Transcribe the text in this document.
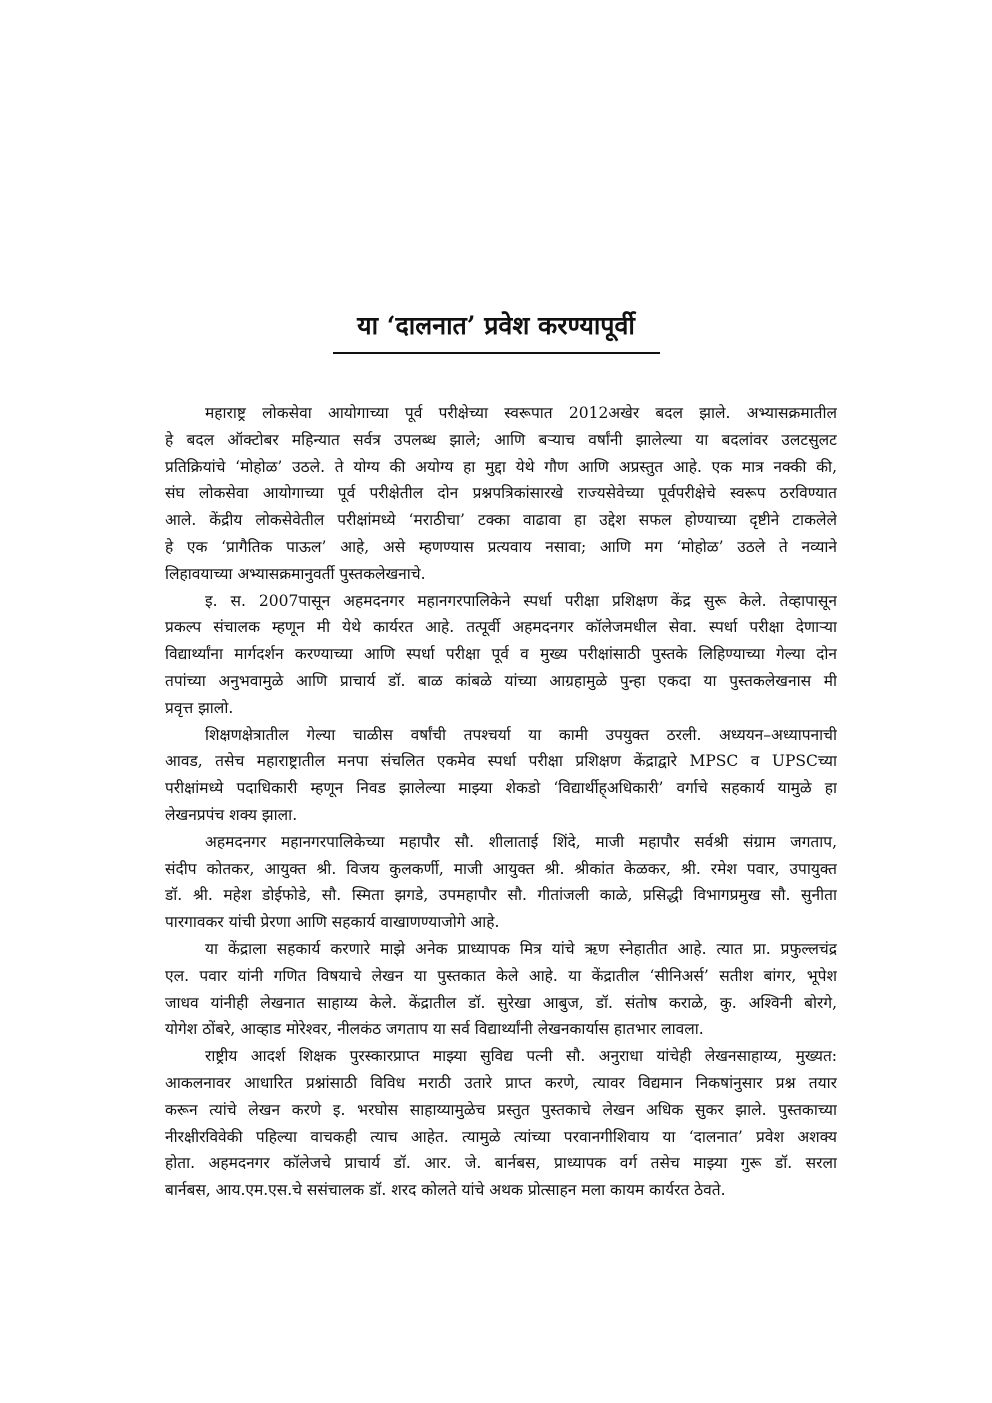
या ‘दालनात’ प्रवेश करण्यापूर्वी
महाराष्ट्र लोकसेवा आयोगाच्या पूर्व परीक्षेच्या स्वरूपात 2012अखेर बदल झाले. अभ्यासक्रमातील
हे बदल ऑक्टोबर महिन्यात सर्वत्र उपलब्ध झाले; आणि बऱ्याच वर्षांनी झालेल्या या बदलांवर उलटसुलट
प्रतिक्रियांचे ‘मोहोळ’ उठले. ते योग्य की अयोग्य हा मुद्दा येथे गौण आणि अप्रस्तुत आहे. एक मात्र नक्की की,
संघ लोकसेवा आयोगाच्या पूर्व परीक्षेतील दोन प्रश्नपत्रिकांसारखे राज्यसेवेच्या पूर्वपरीक्षेचे स्वरूप ठरविण्यात
आले. केंद्रीय लोकसेवेतील परीक्षांमध्ये ‘मराठीचा’ टक्का वाढावा हा उद्देश सफल होण्याच्या दृष्टीने टाकलेले
हे एक ‘प्रागैतिक पाऊल’ आहे, असे म्हणण्यास प्रत्यवाय नसावा; आणि मग ‘मोहोळ’ उठले ते नव्याने
लिहावयाच्या अभ्यासक्रमानुवर्ती पुस्तकलेखनाचे.
इ. स. 2007पासून अहमदनगर महानगरपालिकेने स्पर्धा परीक्षा प्रशिक्षण केंद्र सुरू केले. तेव्हापासून
प्रकल्प संचालक म्हणून मी येथे कार्यरत आहे. तत्पूर्वी अहमदनगर कॉलेजमधील सेवा. स्पर्धा परीक्षा देणाऱ्या
विद्यार्थ्यांना मार्गदर्शन करण्याच्या आणि स्पर्धा परीक्षा पूर्व व मुख्य परीक्षांसाठी पुस्तके लिहिण्याच्या गेल्या दोन
तपांच्या अनुभवामुळे आणि प्राचार्य डॉ. बाळ कांबळे यांच्या आग्रहामुळे पुन्हा एकदा या पुस्तकलेखनास मी
प्रवृत्त झालो.
शिक्षणक्षेत्रातील गेल्या चाळीस वर्षांची तपश्चर्या या कामी उपयुक्त ठरली. अध्ययन–अध्यापनाची
आवड, तसेच महाराष्ट्रातील मनपा संचलित एकमेव स्पर्धा परीक्षा प्रशिक्षण केंद्राद्वारे MPSC व UPSCच्या
परीक्षांमध्ये पदाधिकारी म्हणून निवड झालेल्या माझ्या शेकडो ‘विद्यार्थीह्अधिकारी’ वर्गाचे सहकार्य यामुळे हा
लेखनप्रपंच शक्य झाला.
अहमदनगर महानगरपालिकेच्या महापौर सौ. शीलाताई शिंदे, माजी महापौर सर्वश्री संग्राम जगताप,
संदीप कोतकर, आयुक्त श्री. विजय कुलकर्णी, माजी आयुक्त श्री. श्रीकांत केळकर, श्री. रमेश पवार, उपायुक्त
डॉ. श्री. महेश डोईफोडे, सौ. स्मिता झगडे, उपमहापौर सौ. गीतांजली काळे, प्रसिद्धी विभागप्रमुख सौ. सुनीता
पारगावकर यांची प्रेरणा आणि सहकार्य वाखाणण्याजोगे आहे.
या केंद्राला सहकार्य करणारे माझे अनेक प्राध्यापक मित्र यांचे ऋण स्नेहातीत आहे. त्यात प्रा. प्रफुल्लचंद्र
एल. पवार यांनी गणित विषयाचे लेखन या पुस्तकात केले आहे. या केंद्रातील ‘सीनिअर्स’ सतीश बांगर, भूपेश
जाधव यांनीही लेखनात साहाय्य केले. केंद्रातील डॉ. सुरेखा आबुज, डॉ. संतोष कराळे, कु. अश्विनी बोरगे,
योगेश ठोंबरे, आव्हाड मोरेश्वर, नीलकंठ जगताप या सर्व विद्यार्थ्यांनी लेखनकार्यास हातभार लावला.
राष्ट्रीय आदर्श शिक्षक पुरस्कारप्राप्त माझ्या सुविद्य पत्नी सौ. अनुराधा यांचेही लेखनसाहाय्य, मुख्यत:
आकलनावर आधारित प्रश्नांसाठी विविध मराठी उतारे प्राप्त करणे, त्यावर विद्यमान निकषांनुसार प्रश्न तयार
करून त्यांचे लेखन करणे इ. भरघोस साहाय्यामुळेच प्रस्तुत पुस्तकाचे लेखन अधिक सुकर झाले. पुस्तकाच्या
नीरक्षीरविवेकी पहिल्या वाचकही त्याच आहेत. त्यामुळे त्यांच्या परवानगीशिवाय या ‘दालनात’ प्रवेश अशक्य
होता. अहमदनगर कॉलेजचे प्राचार्य डॉ. आर. जे. बार्नबस, प्राध्यापक वर्ग तसेच माझ्या गुरू डॉ. सरला
बार्नबस, आय.एम.एस.चे ससंचालक डॉ. शरद कोलते यांचे अथक प्रोत्साहन मला कायम कार्यरत ठेवते.
